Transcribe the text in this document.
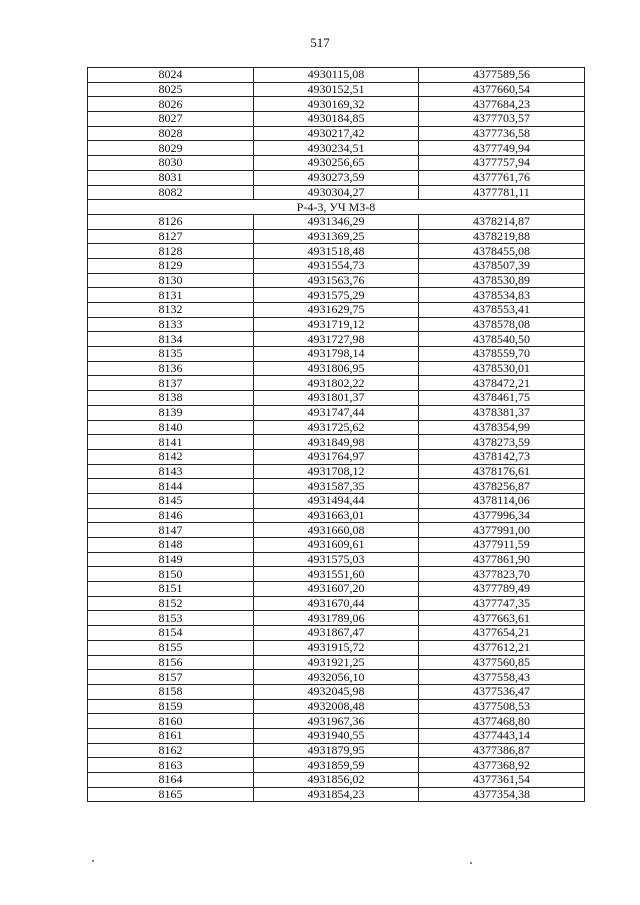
517
8024	4930115,08	4377589,56
8025	4930152,51	4377660,54
8026	4930169,32	4377684,23
8027	4930184,85	4377703,57
8028	4930217,42	4377736,58
8029	4930234,51	4377749,94
8030	4930256,65	4377757,94
8031	4930273,59	4377761,76
8082	4930304,27	4377781,11
Р-4-3, УЧ МЗ-8		
8126	4931346,29	4378214,87
8127	4931369,25	4378219,88
8128	4931518,48	4378455,08
8129	4931554,73	4378507,39
8130	4931563,76	4378530,89
8131	4931575,29	4378534,83
8132	4931629,75	4378553,41
8133	4931719,12	4378578,08
8134	4931727,98	4378540,50
8135	4931798,14	4378559,70
8136	4931806,95	4378530,01
8137	4931802,22	4378472,21
8138	4931801,37	4378461,75
8139	4931747,44	4378381,37
8140	4931725,62	4378354,99
8141	4931849,98	4378273,59
8142	4931764,97	4378142,73
8143	4931708,12	4378176,61
8144	4931587,35	4378256,87
8145	4931494,44	4378114,06
8146	4931663,01	4377996,34
8147	4931660,08	4377991,00
8148	4931609,61	4377911,59
8149	4931575,03	4377861,90
8150	4931551,60	4377823,70
8151	4931607,20	4377789,49
8152	4931670,44	4377747,35
8153	4931789,06	4377663,61
8154	4931867,47	4377654,21
8155	4931915,72	4377612,21
8156	4931921,25	4377560,85
8157	4932056,10	4377558,43
8158	4932045,98	4377536,47
8159	4932008,48	4377508,53
8160	4931967,36	4377468,80
8161	4931940,55	4377443,14
8162	4931879,95	4377386,87
8163	4931859,59	4377368,92
8164	4931856,02	4377361,54
8165	4931854,23	4377354,38
